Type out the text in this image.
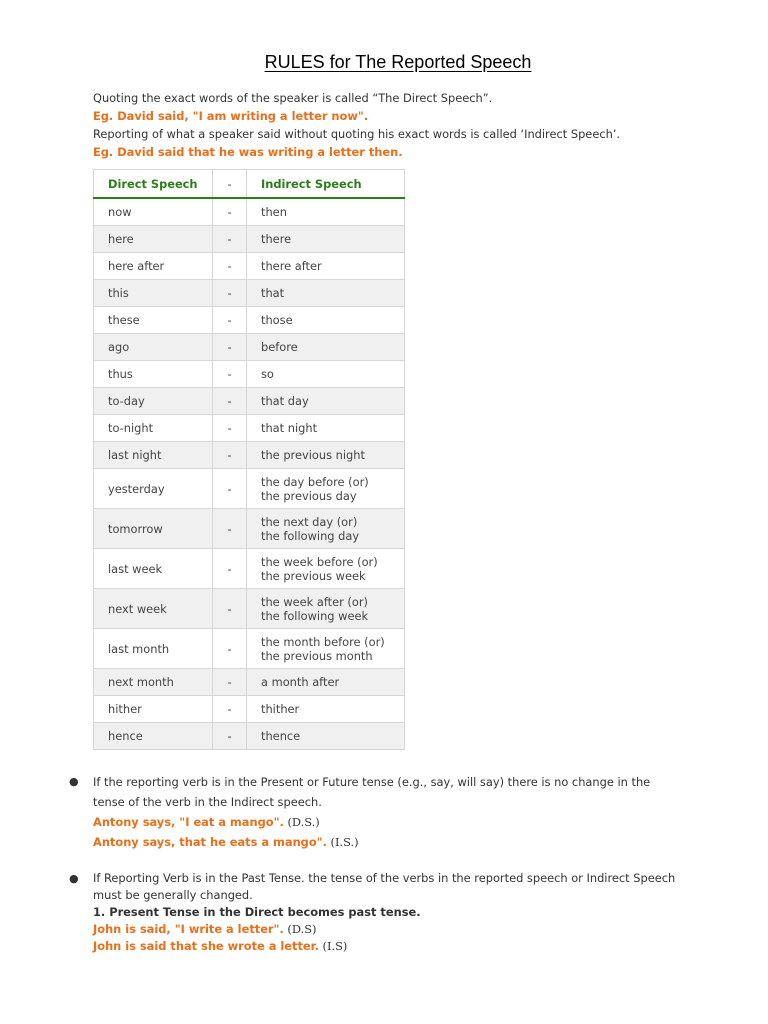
RULES for The Reported Speech
Quoting the exact words of the speaker is called “The Direct Speech”.
Eg. David said, "I am writing a letter now".
Reporting of what a speaker said without quoting his exact words is called ‘Indirect Speech’.
Eg. David said that he was writing a letter then.
Direct Speech	-	Indirect Speech
now	-	then

here	-	there

here after	-	there after

this	-	that

these	-	those

ago	-	before

thus	-	so

to-day	-	that day

to-night	-	that night

last night	-	the previous night

yesterday	-	the day before (or)
the previous day

tomorrow	-	the next day (or)
the following day

last week	-	the week before (or)
the previous week

next week	-	the week after (or)
the following week

last month	-	the month before (or)
the previous month

next month	-	a month after

hither	-	thither

hence	-	thence
● If the reporting verb is in the Present or Future tense (e.g., say, will say) there is no change in the
tense of the verb in the Indirect speech.
Antony says, "I eat a mango". (D.S.)
Antony says, that he eats a mango". (I.S.)
● If Reporting Verb is in the Past Tense. the tense of the verbs in the reported speech or Indirect Speech
must be generally changed.
1. Present Tense in the Direct becomes past tense.
John is said, "I write a letter". (D.S)
John is said that she wrote a letter. (I.S)
